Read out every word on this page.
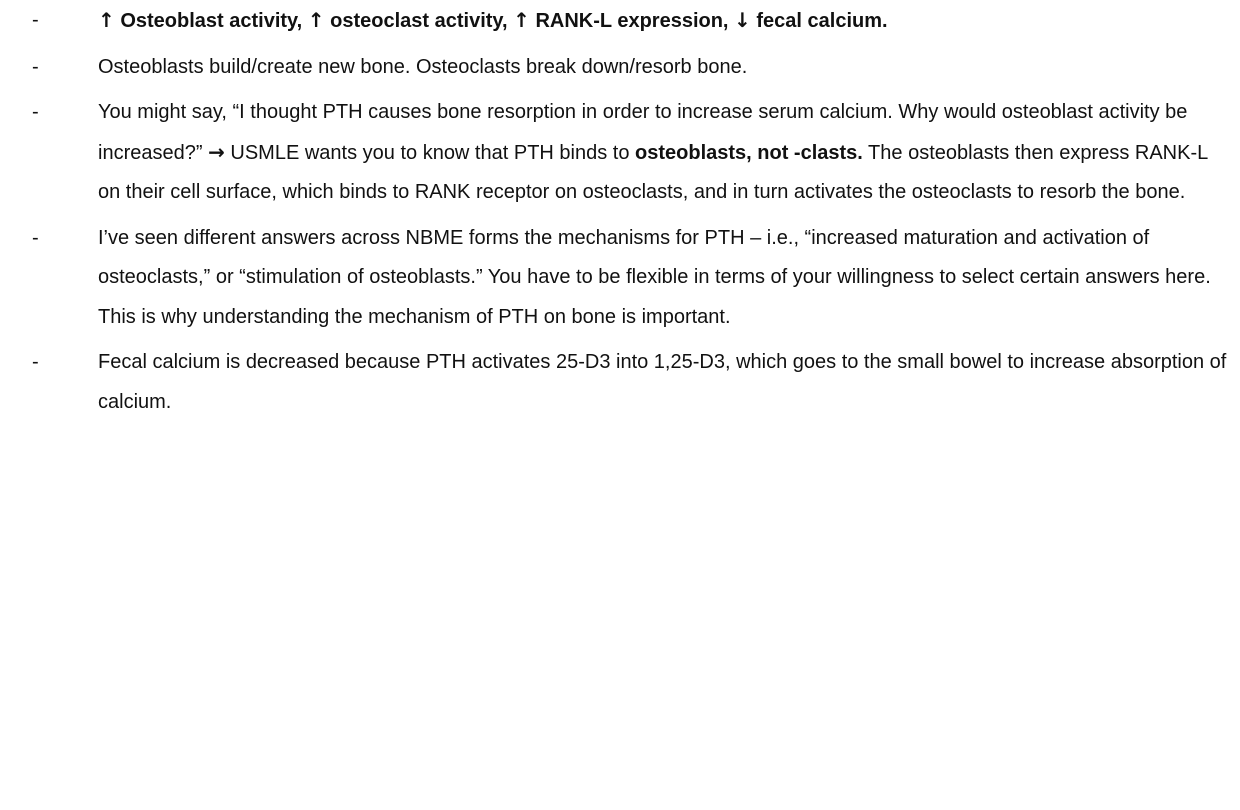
-	↑ Osteoblast activity, ↑ osteoclast activity, ↑ RANK-L expression, ↓ fecal calcium.
-	Osteoblasts build/create new bone. Osteoclasts break down/resorb bone.
-	You might say, “I thought PTH causes bone resorption in order to increase serum calcium. Why would osteoblast activity be increased?” → USMLE wants you to know that PTH binds to osteoblasts, not -clasts. The osteoblasts then express RANK-L on their cell surface, which binds to RANK receptor on osteoclasts, and in turn activates the osteoclasts to resorb the bone.
-	I’ve seen different answers across NBME forms the mechanisms for PTH – i.e., “increased maturation and activation of osteoclasts,” or “stimulation of osteoblasts.” You have to be flexible in terms of your willingness to select certain answers here. This is why understanding the mechanism of PTH on bone is important.
-	Fecal calcium is decreased because PTH activates 25-D3 into 1,25-D3, which goes to the small bowel to increase absorption of calcium.
